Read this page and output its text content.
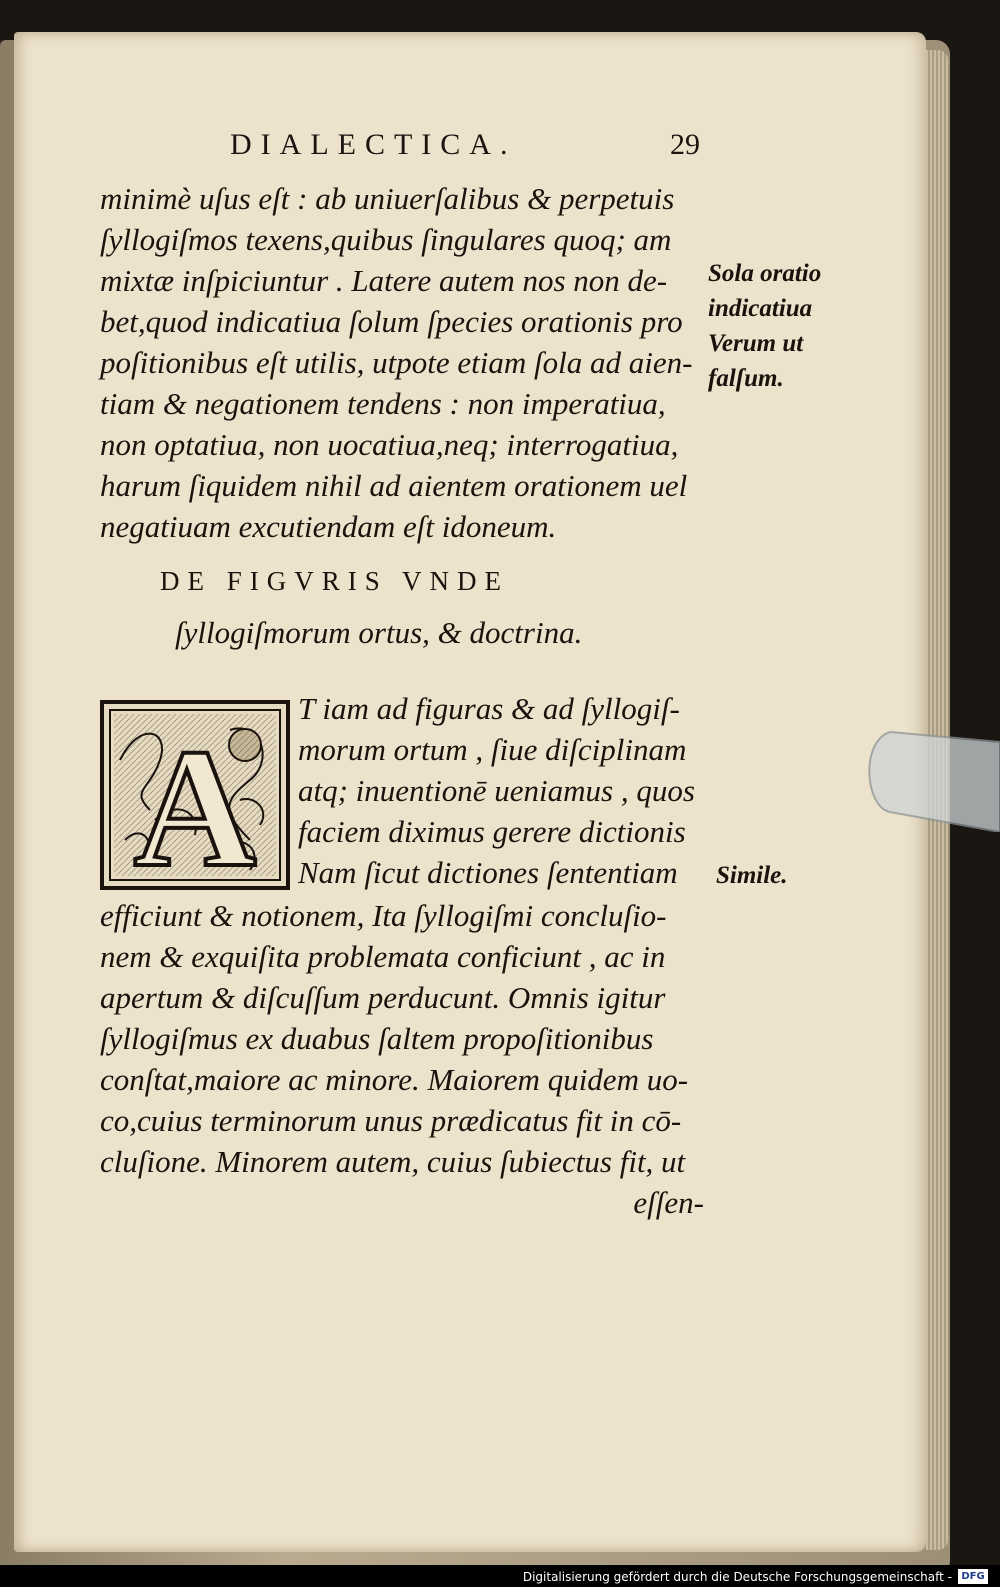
DIALECTICA.	29
minimè uſus eſt : ab uniuerſalibus & perpetuis
ſyllogiſmos texens,quibus ſingulares quoq; am
mixtæ inſpiciuntur . Latere autem nos non de-
bet,quod indicatiua ſolum ſpecies orationis pro
poſitionibus eſt utilis, utpote etiam ſola ad aien-
tiam & negationem tendens : non imperatiua,
non optatiua, non uocatiua,neq; interrogatiua,
harum ſiquidem nihil ad aientem orationem uel
negatiuam excutiendam eſt idoneum.
Sola oratio
indicatiua
Verum ut
falſum.
DE FIGVRIS VNDE
ſyllogiſmorum ortus, & doctrina.
A
T iam ad figuras & ad ſyllogiſ-
morum ortum , ſiue diſciplinam
atq; inuentionē ueniamus , quos
faciem diximus gerere dictionis
Nam ſicut dictiones ſententiam	Simile.
efficiunt & notionem, Ita ſyllogiſmi concluſio-
nem & exquiſita problemata conficiunt , ac in
apertum & diſcuſſum perducunt. Omnis igitur
ſyllogiſmus ex duabus ſaltem propoſitionibus
conſtat,maiore ac minore. Maiorem quidem uo-
co,cuius terminorum unus prædicatus fit in cō-
cluſione. Minorem autem, cuius ſubiectus fit, ut
eſſen-
Digitalisierung gefördert durch die Deutsche Forschungsgemeinschaft - DFG
